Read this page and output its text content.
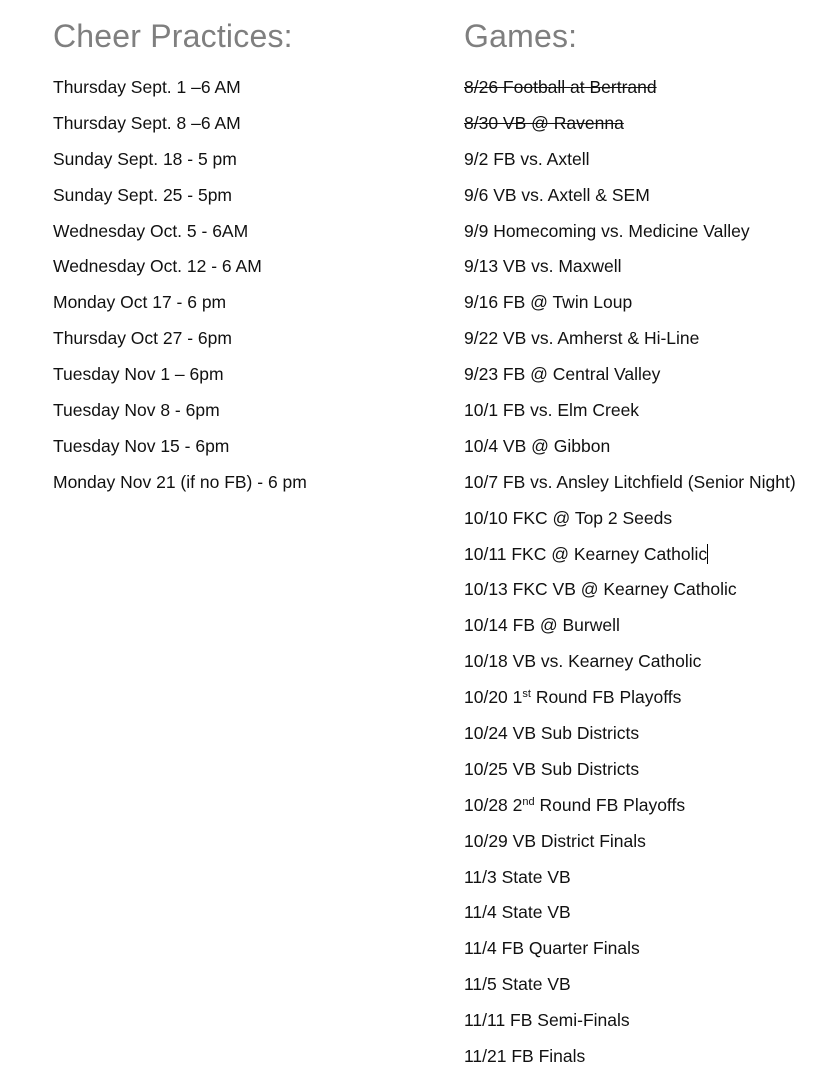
Cheer Practices:
Thursday Sept. 1 –6 AM
Thursday Sept. 8 –6 AM
Sunday Sept. 18 - 5 pm
Sunday Sept. 25 - 5pm
Wednesday Oct. 5 - 6AM
Wednesday Oct. 12 - 6 AM
Monday Oct 17 - 6 pm
Thursday Oct 27 - 6pm
Tuesday Nov 1 – 6pm
Tuesday Nov 8 - 6pm
Tuesday Nov 15 - 6pm
Monday Nov 21 (if no FB) - 6 pm
Games:
8/26 Football at Bertrand
8/30 VB @ Ravenna
9/2 FB vs. Axtell
9/6 VB vs. Axtell & SEM
9/9 Homecoming vs. Medicine Valley
9/13 VB vs. Maxwell
9/16 FB @ Twin Loup
9/22 VB vs. Amherst & Hi-Line
9/23 FB @ Central Valley
10/1 FB vs. Elm Creek
10/4 VB @ Gibbon
10/7 FB vs. Ansley Litchfield (Senior Night)
10/10 FKC @ Top 2 Seeds
10/11 FKC @ Kearney Catholic
10/13 FKC VB @ Kearney Catholic
10/14 FB @ Burwell
10/18 VB vs. Kearney Catholic
10/20 1st Round FB Playoffs
10/24 VB Sub Districts
10/25 VB Sub Districts
10/28 2nd Round FB Playoffs
10/29 VB District Finals
11/3 State VB
11/4 State VB
11/4 FB Quarter Finals
11/5 State VB
11/11 FB Semi-Finals
11/21 FB Finals
